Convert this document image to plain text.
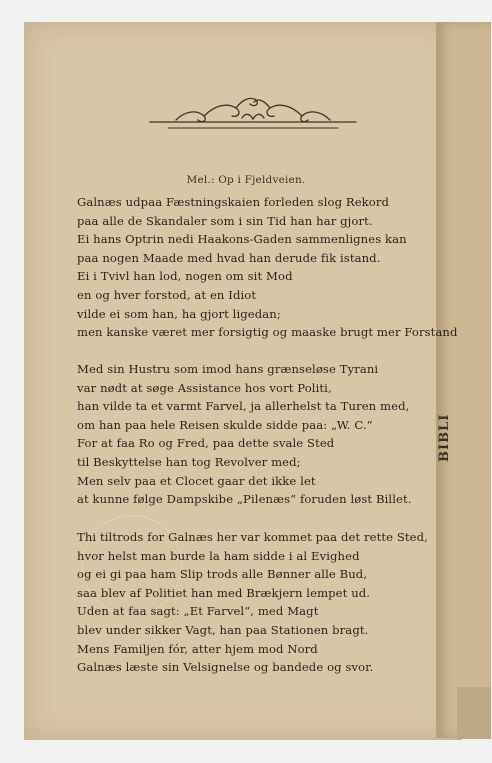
BIBLI
Mel.: Op i Fjeldveien.
Galnæs udpaa Fæstningskaien forleden slog Rekord
paa alle de Skandaler som i sin Tid han har gjort.
Ei hans Optrin nedi Haakons-Gaden sammenlignes kan
paa nogen Maade med hvad han derude fik istand.
Ei i Tvivl han lod, nogen om sit Mod
en og hver forstod, at en Idiot
vilde ei som han, ha gjort ligedan;
men kanske været mer forsigtig og maaske brugt mer Forstand
Med sin Hustru som imod hans grænseløse Tyrani
var nødt at søge Assistance hos vort Politi,
han vilde ta et varmt Farvel, ja allerhelst ta Turen med,
om han paa hele Reisen skulde sidde paa: „W. C.“
For at faa Ro og Fred, paa dette svale Sted
til Beskyttelse han tog Revolver med;
Men selv paa et Clocet gaar det ikke let
at kunne følge Dampskibe „Pilenæs“ foruden løst Billet.
Thi tiltrods for Galnæs her var kommet paa det rette Sted,
hvor helst man burde la ham sidde i al Evighed
og ei gi paa ham Slip trods alle Bønner alle Bud,
saa blev af Politiet han med Brækjern lempet ud.
Uden at faa sagt: „Et Farvel“, med Magt
blev under sikker Vagt, han paa Stationen bragt.
Mens Familjen fór, atter hjem mod Nord
Galnæs læste sin Velsignelse og bandede og svor.
